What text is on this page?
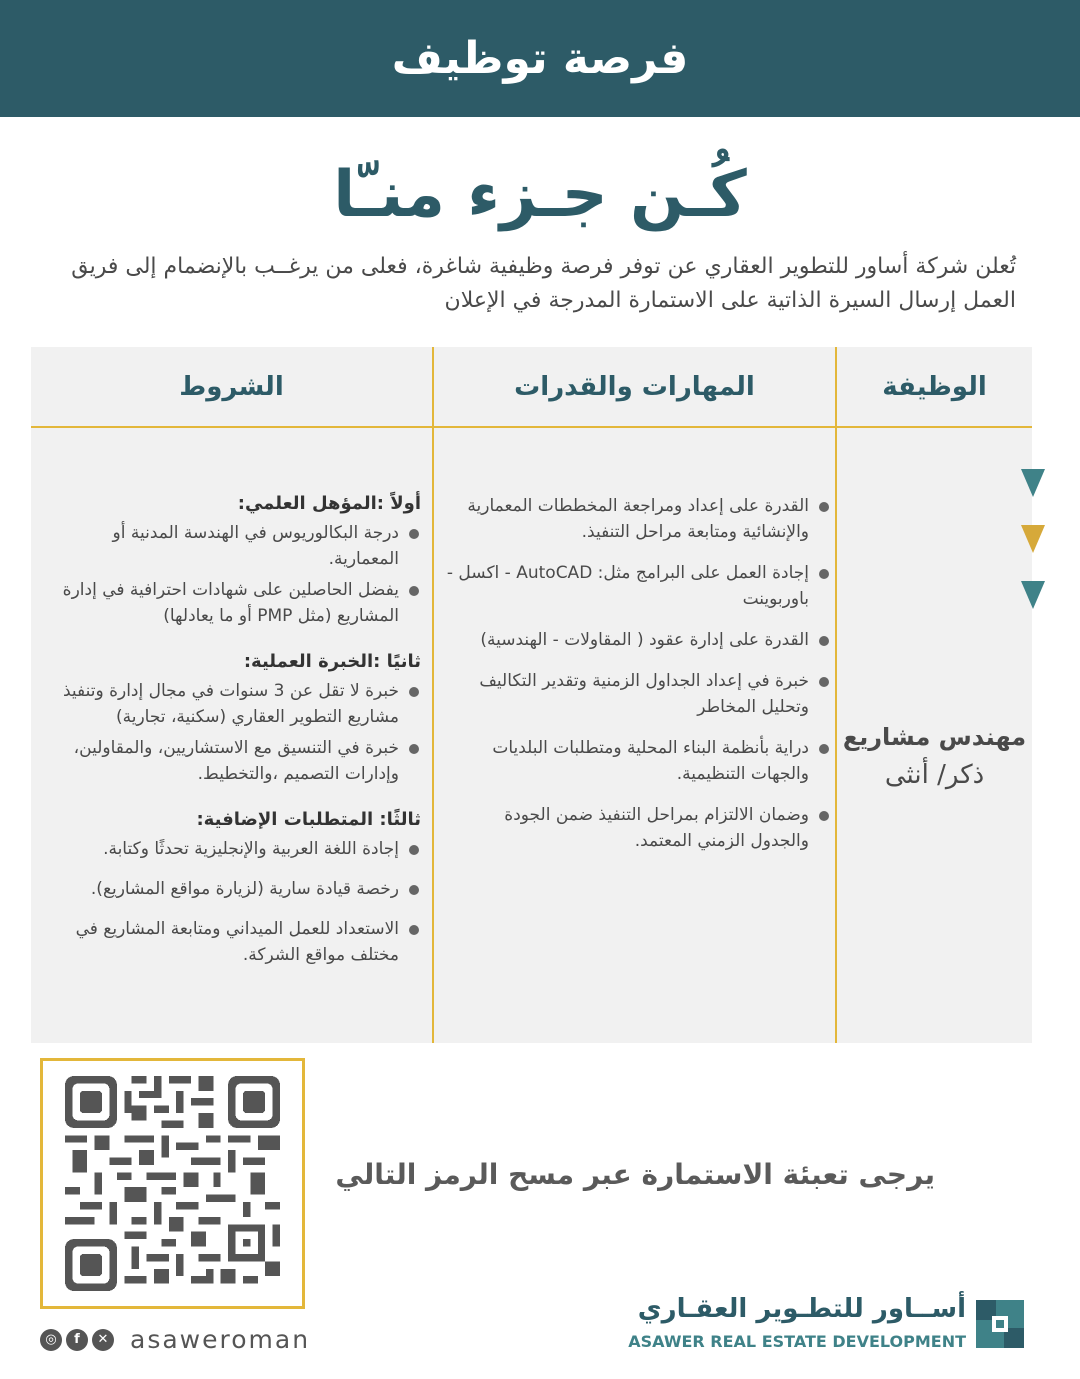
فرصة توظيف
كُـن جـزء منـّا
تُعلن شركة أساور للتطوير العقاري عن توفر فرصة وظيفية شاغرة، فعلى من يرغــب بالإنضمام إلى فريق العمل إرسال السيرة الذاتية على الاستمارة المدرجة في الإعلان
الوظيفة
المهارات والقدرات
الشروط
مهندس مشاريع
ذكر/ أنثى
القدرة على إعداد ومراجعة المخططات المعمارية والإنشائية ومتابعة مراحل التنفيذ.
إجادة العمل على البرامج مثل: AutoCAD - اكسل - باوربوينت
القدرة على إدارة عقود ( المقاولات - الهندسية)
خبرة في إعداد الجداول الزمنية وتقدير التكاليف وتحليل المخاطر
دراية بأنظمة البناء المحلية ومتطلبات البلديات والجهات التنظيمية.
وضمان الالتزام بمراحل التنفيذ ضمن الجودة والجدول الزمني المعتمد.
أولاً :المؤهل العلمي:
درجة البكالوريوس في الهندسة المدنية أو المعمارية.
يفضل الحاصلين على شهادات احترافية في إدارة المشاريع (مثل PMP أو ما يعادلها)
ثانيًا :الخبرة العملية:
خبرة لا تقل عن 3 سنوات في مجال إدارة وتنفيذ مشاريع التطوير العقاري (سكنية، تجارية)
خبرة في التنسيق مع الاستشاريين، والمقاولين، وإدارات التصميم ،والتخطيط.
ثالثًا: المتطلبات الإضافية:
إجادة اللغة العربية والإنجليزية تحدثًا وكتابة.
رخصة قيادة سارية (لزيارة مواقع المشاريع).
الاستعداد للعمل الميداني ومتابعة المشاريع في مختلف مواقع الشركة.
يرجى تعبئة الاستمارة عبر مسح الرمز التالي
◎	f	✕ asaweroman
أســاور للتطـوير العقـاري
ASAWER REAL ESTATE DEVELOPMENT
